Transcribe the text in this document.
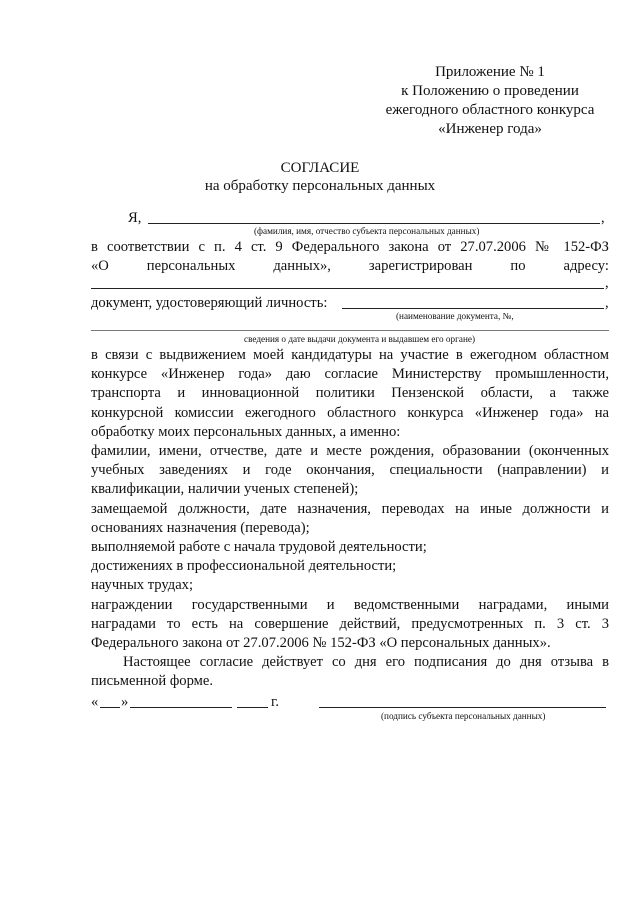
Приложение № 1
к Положению о проведении
ежегодного областного конкурса
«Инженер года»
СОГЛАСИЕ
на обработку персональных данных
Я,	,
(фамилия, имя, отчество субъекта персональных данных)
в соответствии с п. 4 ст. 9 Федерального закона от 27.07.2006 № 152-ФЗ
«О	персональных	данных»,	зарегистрирован	по	адресу:
,
документ, удостоверяющий личность:	,
(наименование документа, №,
сведения о дате выдачи документа и выдавшем его органе)
в связи с выдвижением моей кандидатуры на участие в ежегодном областном
конкурсе «Инженер года» даю согласие Министерству промышленности,
транспорта и инновационной политики Пензенской области, а также
конкурсной комиссии ежегодного областного конкурса «Инженер года» на
обработку моих персональных данных, а именно:
фамилии, имени, отчестве, дате и месте рождения, образовании (оконченных
учебных заведениях и годе окончания, специальности (направлении) и
квалификации, наличии ученых степеней);
замещаемой должности, дате назначения, переводах на иные должности и
основаниях назначения (перевода);
выполняемой работе с начала трудовой деятельности;
достижениях в профессиональной деятельности;
научных трудах;
награждении государственными и ведомственными наградами, иными
наградами то есть на совершение действий, предусмотренных п. 3 ст. 3
Федерального закона от 27.07.2006 № 152-ФЗ «О персональных данных».
Настоящее согласие действует со дня его подписания до дня отзыва в
письменной форме.
« »	г.
(подпись субъекта персональных данных)
